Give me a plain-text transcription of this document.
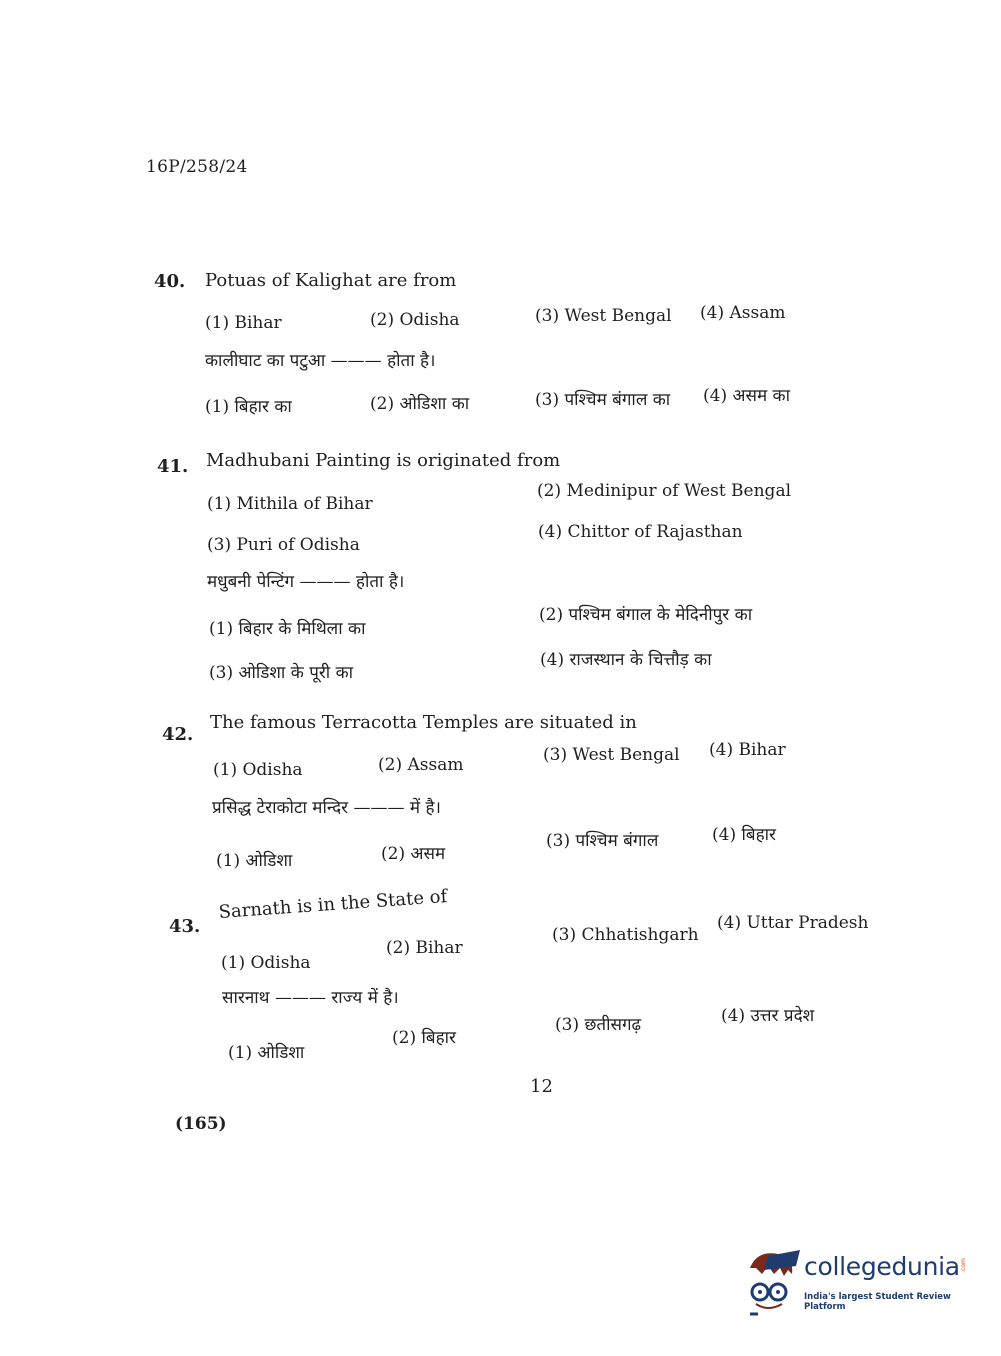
16P/258/24
40. Potuas of Kalighat are from
(1) Bihar	(2) Odisha	(3) West Bengal (4) Assam
कालीघाट का पटुआ ——— होता है।
(1) बिहार का	(2) ओडिशा का	(3) पश्चिम बंगाल का (4) असम का
41. Madhubani Painting is originated from
(1) Mithila of Bihar
(2) Medinipur of West Bengal
(3) Puri of Odisha
(4) Chittor of Rajasthan
मधुबनी पेन्टिंग ——— होता है।
(1) बिहार के मिथिला का
(2) पश्चिम बंगाल के मेदिनीपुर का
(3) ओडिशा के पूरी का
(4) राजस्थान के चित्तौड़ का
42.
The famous Terracotta Temples are situated in
(1) Odisha	(2) Assam	(3) West Bengal (4) Bihar
प्रसिद्ध टेराकोटा मन्दिर ——— में है।
(1) ओडिशा	(2) असम
(3) पश्चिम बंगाल	(4) बिहार
43.
Sarnath is in the State of
(1) Odisha
(2) Bihar
(3) Chhatishgarh
(4) Uttar Pradesh
सारनाथ ——— राज्य में है।
(1) ओडिशा
(2) बिहार
(3) छतीसगढ़	(4) उत्तर प्रदेश
12
(165)
collegedunia .com
India's largest Student Review Platform
